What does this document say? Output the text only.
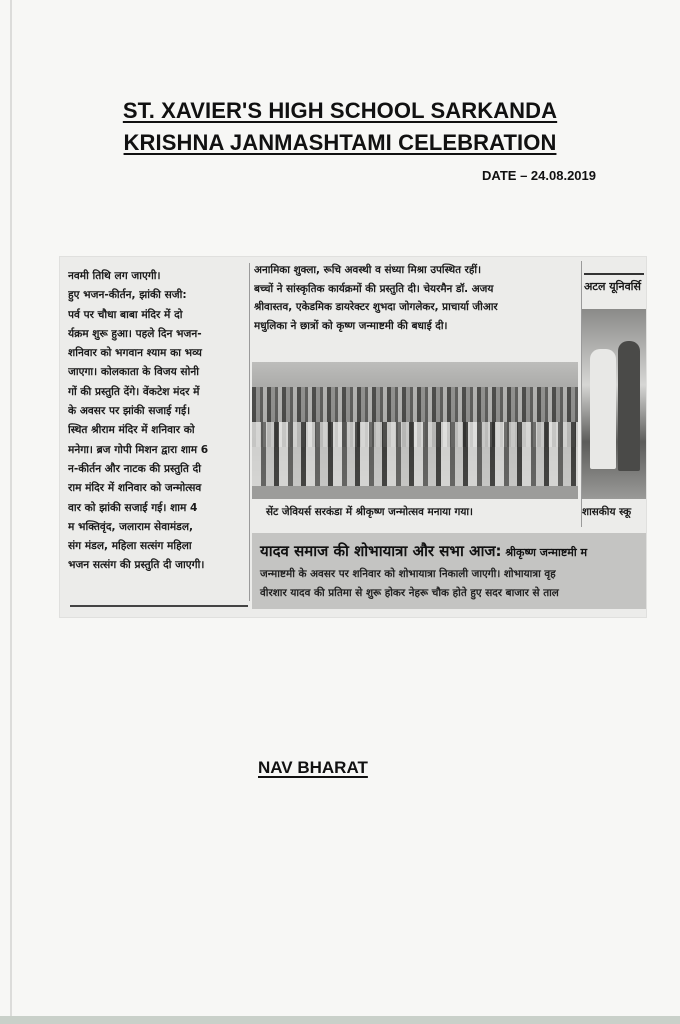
ST. XAVIER'S HIGH SCHOOL SARKANDA
KRISHNA JANMASHTAMI CELEBRATION
DATE – 24.08.2019
नवमी तिथि लग जाएगी।
हुए भजन-कीर्तन, झांकी सजी:
पर्व पर चौधा बाबा मंदिर में दो
र्यक्रम शुरू हुआ। पहले दिन भजन-
शनिवार को भगवान श्याम का भव्य
जाएगा। कोलकाता के विजय सोनी
गों की प्रस्तुति देंगे। वेंकटेश मंदर में
के अवसर पर झांकी सजाई गई।
स्थित श्रीराम मंदिर में शनिवार को
मनेगा। ब्रज गोपी मिशन द्वारा शाम 6
न-कीर्तन और नाटक की प्रस्तुति दी
राम मंदिर में शनिवार को जन्मोत्सव
वार को झांकी सजाई गई। शाम 4
म भक्तिवृंद, जलाराम सेवामंडल,
संग मंडल, महिला सत्संग महिला
भजन सत्संग की प्रस्तुति दी जाएगी।
अनामिका शुक्ला, रूचि अवस्थी व संध्या मिश्रा उपस्थित रहीं।
बच्चों ने सांस्कृतिक कार्यक्रमों की प्रस्तुति दी। चेयरमैन डॉ. अजय
श्रीवास्तव, एकेडमिक डायरेक्टर शुभदा जोगलेकर, प्राचार्या जीआर
मधुलिका ने छात्रों को कृष्ण जन्माष्टमी की बधाई दी।
सेंट जेवियर्स सरकंडा में श्रीकृष्ण जन्मोत्सव मनाया गया।
अटल यूनिवर्सि
शासकीय स्कू
यादव समाज की शोभायात्रा और सभा आज: श्रीकृष्ण जन्माष्टमी म
जन्माष्टमी के अवसर पर शनिवार को शोभायात्रा निकाली जाएगी। शोभायात्रा वृह
वीरशार यादव की प्रतिमा से शुरू होकर नेहरू चौक होते हुए सदर बाजार से ताल
NAV BHARAT
